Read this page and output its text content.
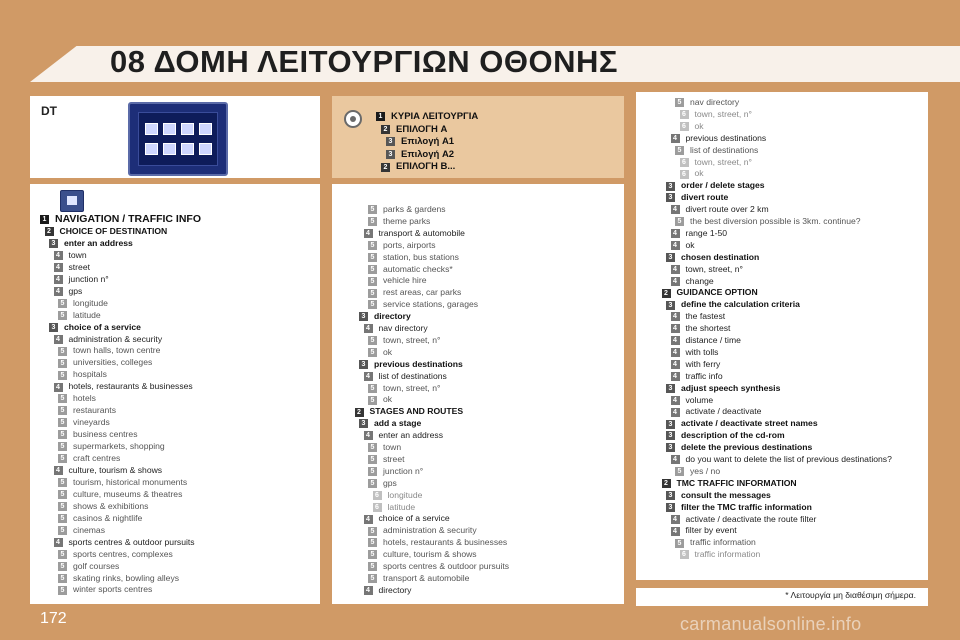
08 ΔΟΜΗ ΛΕΙΤΟΥΡΓΙΩΝ ΟΘΟΝΗΣ
DT	1 ΚΥΡΙΑ ΛΕΙΤΟΥΡΓΙΑ
2 ΕΠΙΛΟΓΗ A
3 Επιλογή A1
3 Επιλογή A2
2 ΕΠΙΛΟΓΗ B...
1 NAVIGATION / TRAFFIC INFO
2 CHOICE OF DESTINATION
3 enter an address
4 town
4 street
4 junction n°
4 gps
5 longitude
5 latitude
3 choice of a service
4 administration & security
5 town halls, town centre
5 universities, colleges
5 hospitals
4 hotels, restaurants & businesses
5 hotels
5 restaurants
5 vineyards
5 business centres
5 supermarkets, shopping
5 craft centres
4 culture, tourism & shows
5 tourism, historical monuments
5 culture, museums & theatres
5 shows & exhibitions
5 casinos & nightlife
5 cinemas
4 sports centres & outdoor pursuits
5 sports centres, complexes
5 golf courses
5 skating rinks, bowling alleys
5 winter sports centres
5 parks & gardens
5 theme parks
4 transport & automobile
5 ports, airports
5 station, bus stations
5 automatic checks*
5 vehicle hire
5 rest areas, car parks
5 service stations, garages
3 directory
4 nav directory
5 town, street, n°
5 ok
3 previous destinations
4 list of destinations
5 town, street, n°
5 ok
2 STAGES AND ROUTES
3 add a stage
4 enter an address
5 town
5 street
5 junction n°
5 gps
6 longitude
6 latitude
4 choice of a service
5 administration & security
5 hotels, restaurants & businesses
5 culture, tourism & shows
5 sports centres & outdoor pursuits
5 transport & automobile
4 directory
5 nav directory
6 town, street, n°
6 ok
4 previous destinations
5 list of destinations
6 town, street, n°
6 ok
3 order / delete stages
3 divert route
4 divert route over 2 km
5 the best diversion possible is 3km. continue?
4 range 1-50
4 ok
3 chosen destination
4 town, street, n°
4 change
2 GUIDANCE OPTION
3 define the calculation criteria
4 the fastest
4 the shortest
4 distance / time
4 with tolls
4 with ferry
4 traffic info
3 adjust speech synthesis
4 volume
4 activate / deactivate
3 activate / deactivate street names
3 description of the cd-rom
3 delete the previous destinations
4 do you want to delete the list of previous destinations?
5 yes / no
2 TMC TRAFFIC INFORMATION
3 consult the messages
3 filter the TMC traffic information
4 activate / deactivate the route filter
4 filter by event
5 traffic information
6 traffic information
* Λειτουργία μη διαθέσιμη σήμερα.
172	carmanualsonline.info
